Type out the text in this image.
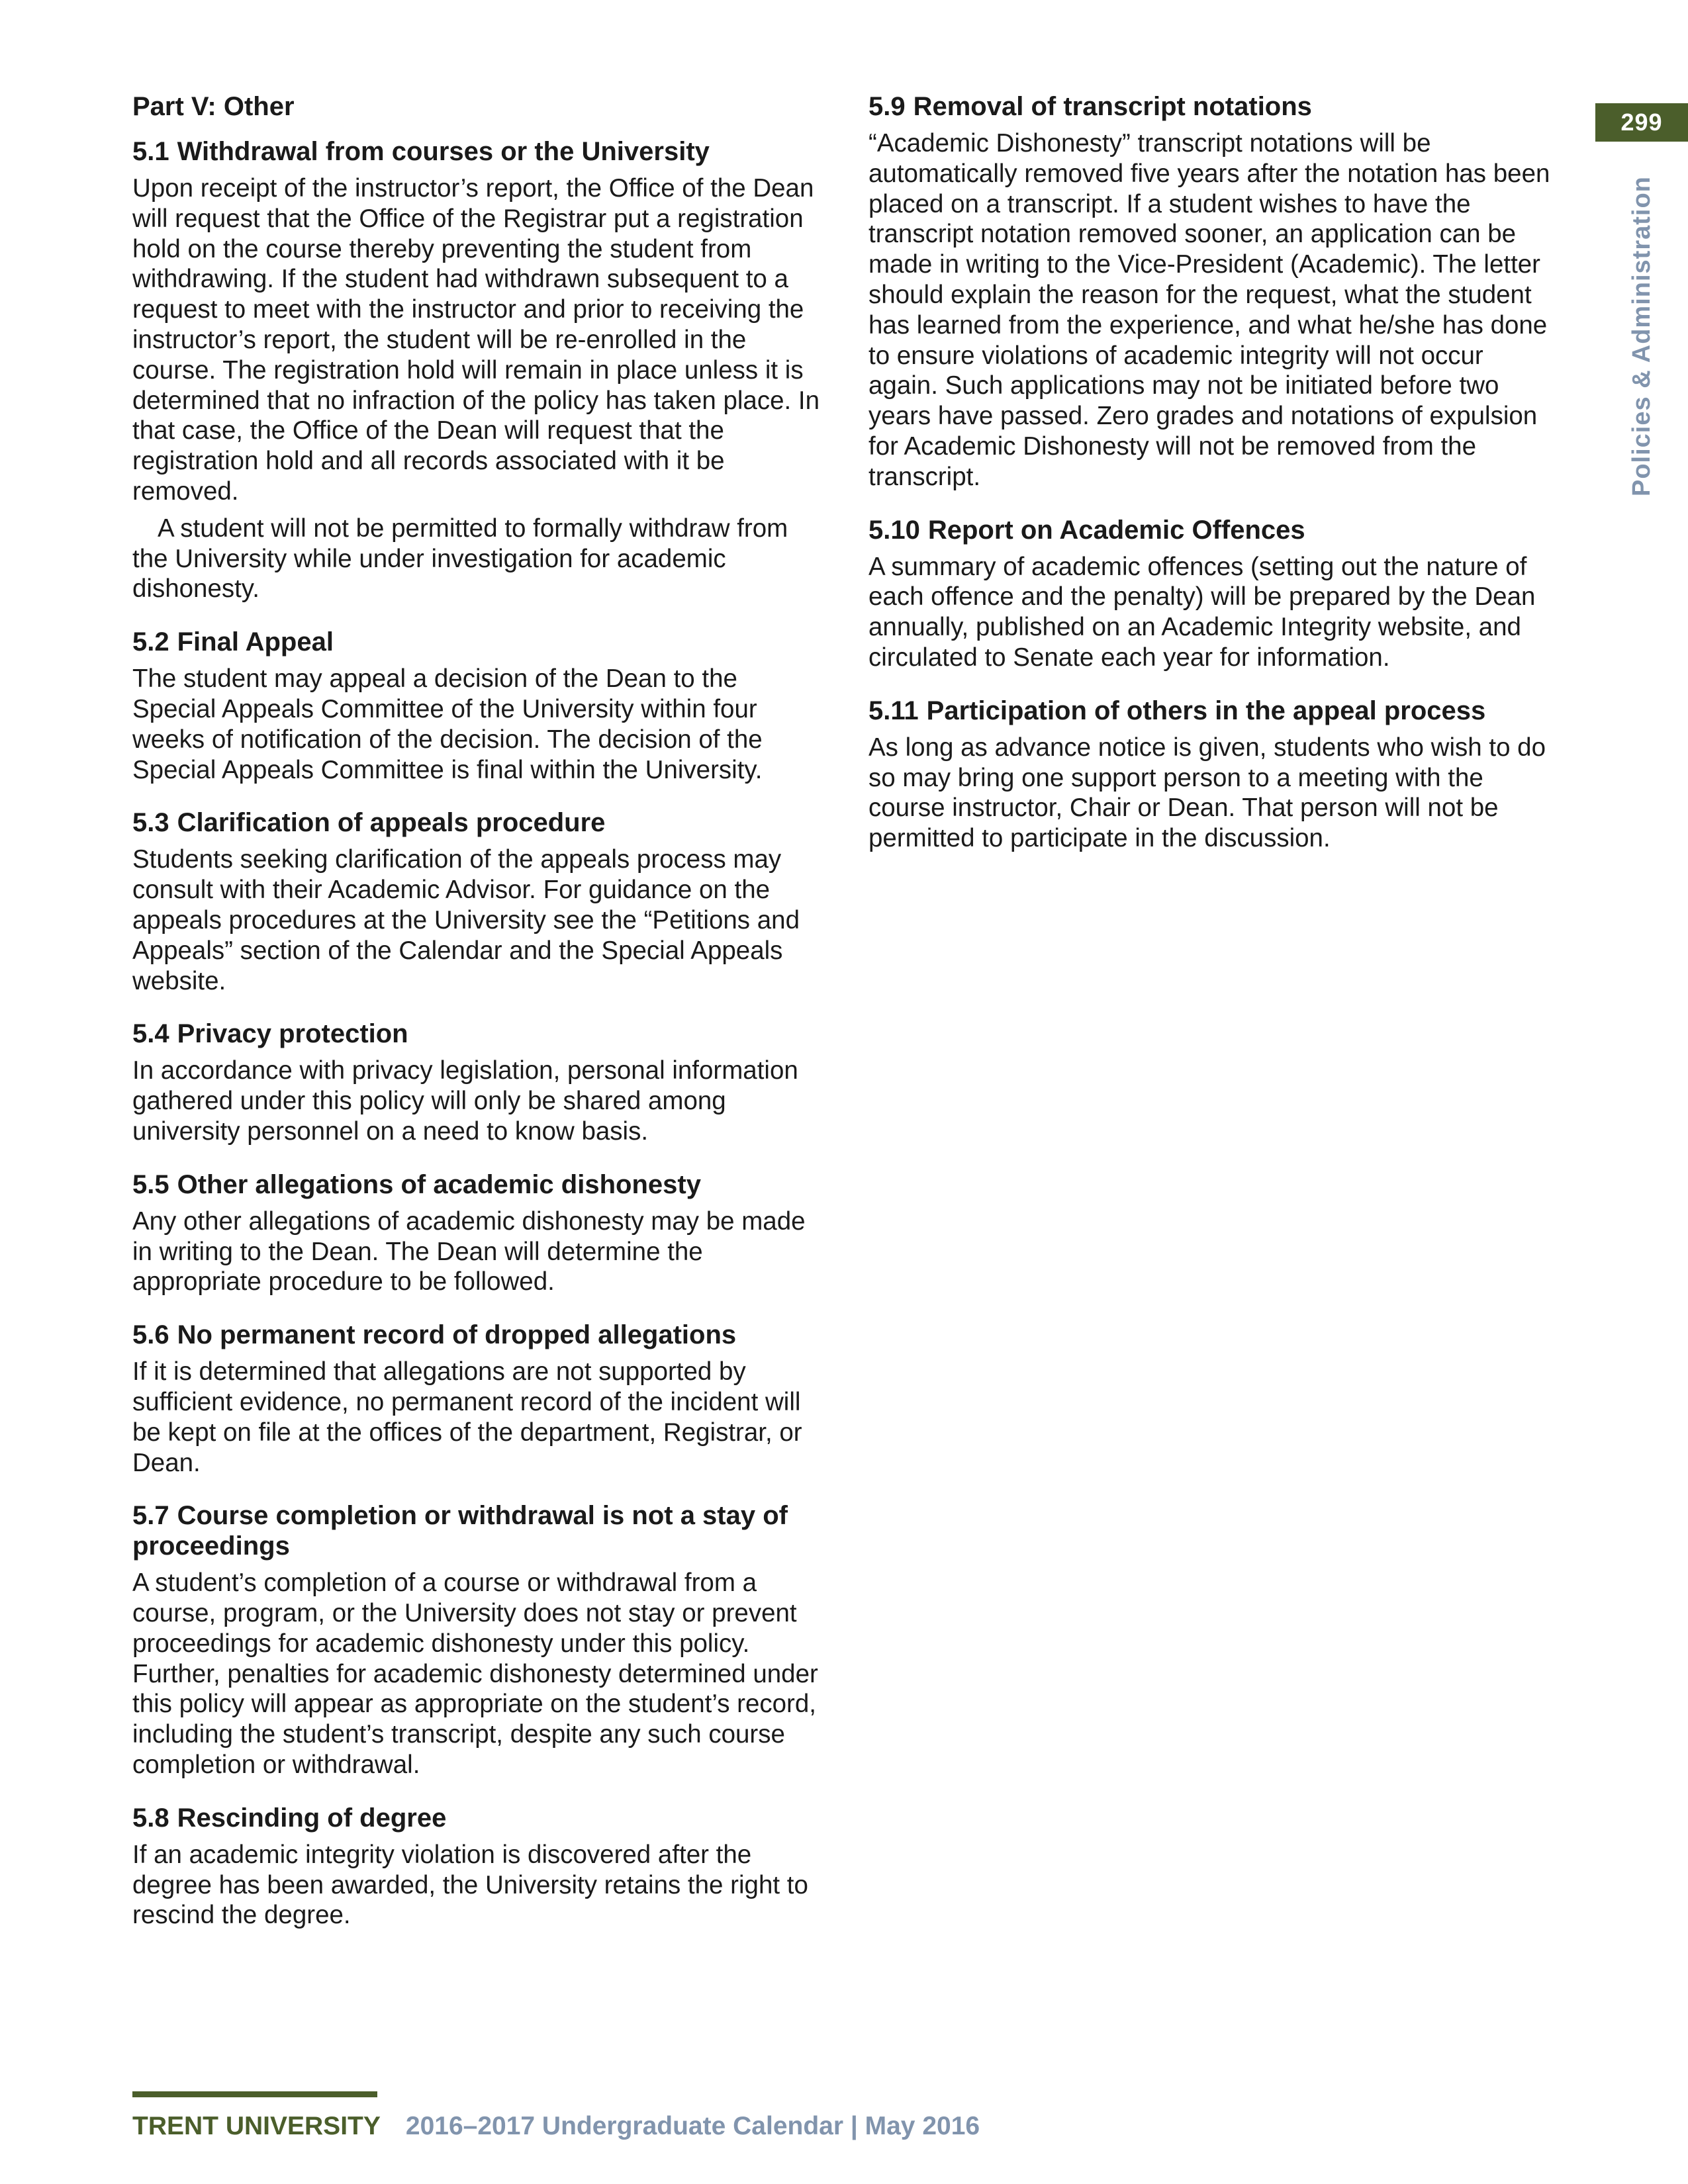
Part V: Other
5.1 Withdrawal from courses or the University

Upon receipt of the instructor’s report, the Office of the Dean will request that the Office of the Registrar put a registration hold on the course thereby preventing the student from withdrawing. If the student had withdrawn subsequent to a request to meet with the instructor and prior to receiving the instructor’s report, the student will be re-enrolled in the course. The registration hold will remain in place unless it is determined that no infraction of the policy has taken place. In that case, the Office of the Dean will request that the registration hold and all records associated with it be removed.

A student will not be permitted to formally withdraw from the University while under investigation for academic dishonesty.

5.2 Final Appeal

The student may appeal a decision of the Dean to the Special Appeals Committee of the University within four weeks of notification of the decision. The decision of the Special Appeals Committee is final within the University.

5.3 Clarification of appeals procedure

Students seeking clarification of the appeals process may consult with their Academic Advisor. For guidance on the appeals procedures at the University see the “Petitions and Appeals” section of the Calendar and the Special Appeals website.

5.4 Privacy protection

In accordance with privacy legislation, personal information gathered under this policy will only be shared among university personnel on a need to know basis.

5.5 Other allegations of academic dishonesty

Any other allegations of academic dishonesty may be made in writing to the Dean. The Dean will determine the appropriate procedure to be followed.

5.6 No permanent record of dropped allegations

If it is determined that allegations are not supported by sufficient evidence, no permanent record of the incident will be kept on file at the offices of the department, Registrar, or Dean.

5.7 Course completion or withdrawal is not a stay of proceedings

A student’s completion of a course or withdrawal from a course, program, or the University does not stay or prevent proceedings for academic dishonesty under this policy. Further, penalties for academic dishonesty determined under this policy will appear as appropriate on the student’s record, including the student’s transcript, despite any such course completion or withdrawal.

5.8 Rescinding of degree

If an academic integrity violation is discovered after the degree has been awarded, the University retains the right to rescind the degree.

5.9 Removal of transcript notations

“Academic Dishonesty” transcript notations will be automatically removed five years after the notation has been placed on a transcript. If a student wishes to have the transcript notation removed sooner, an application can be made in writing to the Vice-President (Academic). The letter should explain the reason for the request, what the student has learned from the experience, and what he/she has done to ensure violations of academic integrity will not occur again. Such applications may not be initiated before two years have passed. Zero grades and notations of expulsion for Academic Dishonesty will not be removed from the transcript.

5.10 Report on Academic Offences

A summary of academic offences (setting out the nature of each offence and the penalty) will be prepared by the Dean annually, published on an Academic Integrity website, and circulated to Senate each year for information.

5.11 Participation of others in the appeal process

As long as advance notice is given, students who wish to do so may bring one support person to a meeting with the course instructor, Chair or Dean. That person will not be permitted to participate in the discussion.

299
Policies & Administration
TRENT UNIVERSITY 2016–2017 Undergraduate Calendar | May 2016
